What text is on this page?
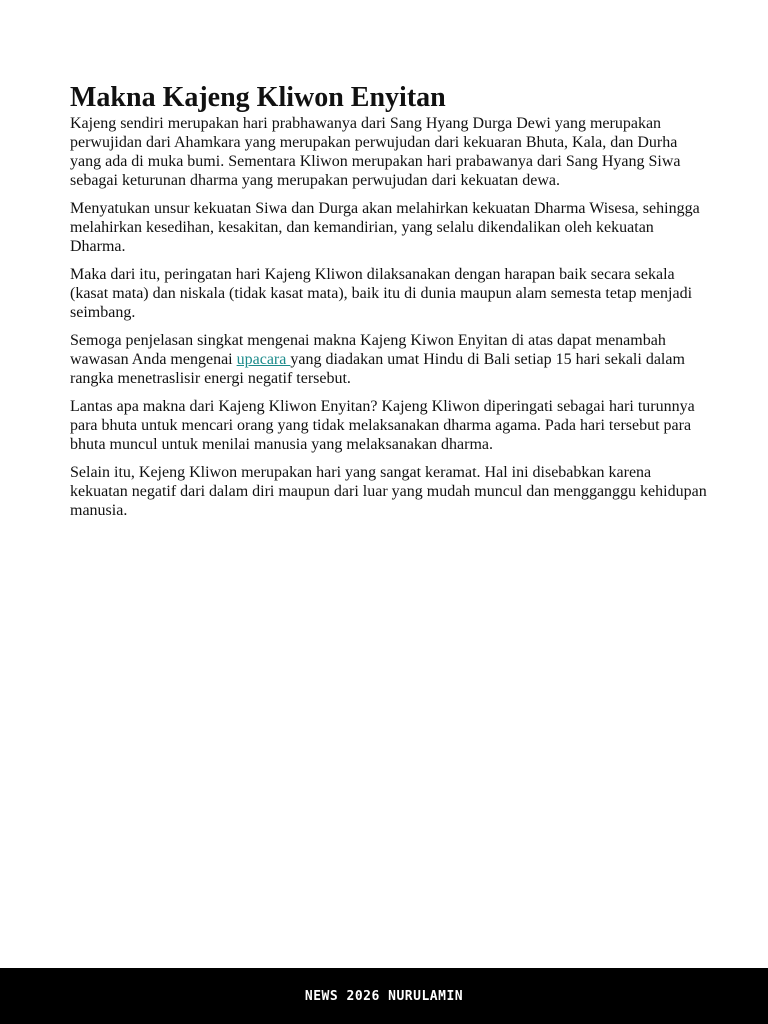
Makna Kajeng Kliwon Enyitan

Kajeng sendiri merupakan hari prabhawanya dari Sang Hyang Durga Dewi yang merupakan perwujidan dari Ahamkara yang merupakan perwujudan dari kekuaran Bhuta, Kala, dan Durha yang ada di muka bumi. Sementara Kliwon merupakan hari prabawanya dari Sang Hyang Siwa sebagai keturunan dharma yang merupakan perwujudan dari kekuatan dewa.

Menyatukan unsur kekuatan Siwa dan Durga akan melahirkan kekuatan Dharma Wisesa, sehingga melahirkan kesedihan, kesakitan, dan kemandirian, yang selalu dikendalikan oleh kekuatan Dharma.

Maka dari itu, peringatan hari Kajeng Kliwon dilaksanakan dengan harapan baik secara sekala (kasat mata) dan niskala (tidak kasat mata), baik itu di dunia maupun alam semesta tetap menjadi seimbang.

Semoga penjelasan singkat mengenai makna Kajeng Kiwon Enyitan di atas dapat menambah wawasan Anda mengenai upacara yang diadakan umat Hindu di Bali setiap 15 hari sekali dalam rangka menetraslisir energi negatif tersebut.

Lantas apa makna dari Kajeng Kliwon Enyitan? Kajeng Kliwon diperingati sebagai hari turunnya para bhuta untuk mencari orang yang tidak melaksanakan dharma agama. Pada hari tersebut para bhuta muncul untuk menilai manusia yang melaksanakan dharma.

Selain itu, Kejeng Kliwon merupakan hari yang sangat keramat. Hal ini disebabkan karena kekuatan negatif dari dalam diri maupun dari luar yang mudah muncul dan mengganggu kehidupan manusia.

NEWS 2026 NURULAMIN
